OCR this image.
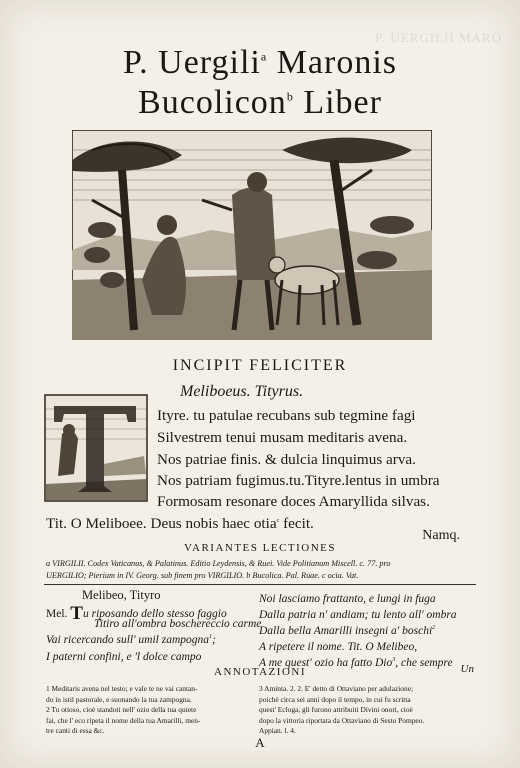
P. UERGILII MARO
P. Uergili$^a$ Maronis
Bucolicon$^b$ Liber
INCIPIT FELICITER
Meliboeus. Tityrus.
Ityre. tu patulae recubans sub tegmine fagi
Silvestrem tenui musam meditaris avena.
Nos patriae finis. & dulcia linquimus arva.
Nos patriam fugimus.tu.Tityre.lentus in umbra
Formosam resonare doces Amaryllida silvas.
Tit. O Meliboee. Deus nobis haec otia$^c$ fecit.
Namq.
VARIANTES LECTIONES
a VIRGILII. Codex Vaticanus, & Palatinus. Editio Leydensis, & Ruei. Vide Politianum Miscell. c. 77. pro
UERGILIO; Pierium in IV. Georg. sub finem pro VIRGILIO. b Bucolica. Pal. Ruae. c ocia. Vat.
Melibeo, Tityro
Mel. Tu riposando dello stesso faggio
Titiro all'ombra boschereccio carme
Vai ricercando sull' umil zampogna$^1$;
I paterni confini, e 'l dolce campo
Noi lasciamo frattanto, e lungi in fuga
Dalla patria n' andiam; tu lento all' ombra
Dalla bella Amarilli insegni a' boschi$^2$
A ripetere il nome. Tit. O Melibeo,
A me quest' ozio ha fatto Dio$^3$, che sempre Un
ANNOTAZIONI
1 Meditaris avena nel testo; e vale te ne vai cantan-
do in istil pastorale, e suonando la tua zampogna.
2 Tu otioso, cioè standoti nell' ozio della tua quiete
fai, che l' eco ripeta il nome della tua Amarilli, men-
tre canti di essa &c.
3 Aminta. 2. 2. E' detto di Ottaviano per adulazione;
poichè circa sei anni dopo il tempo, in cui fu scritta
quest' Ecloga, gli furono attribuiti Divini onori, cioè
dopo la vittoria riportata da Ottaviano di Sesto Pompeo.
Appian. l. 4.
A
